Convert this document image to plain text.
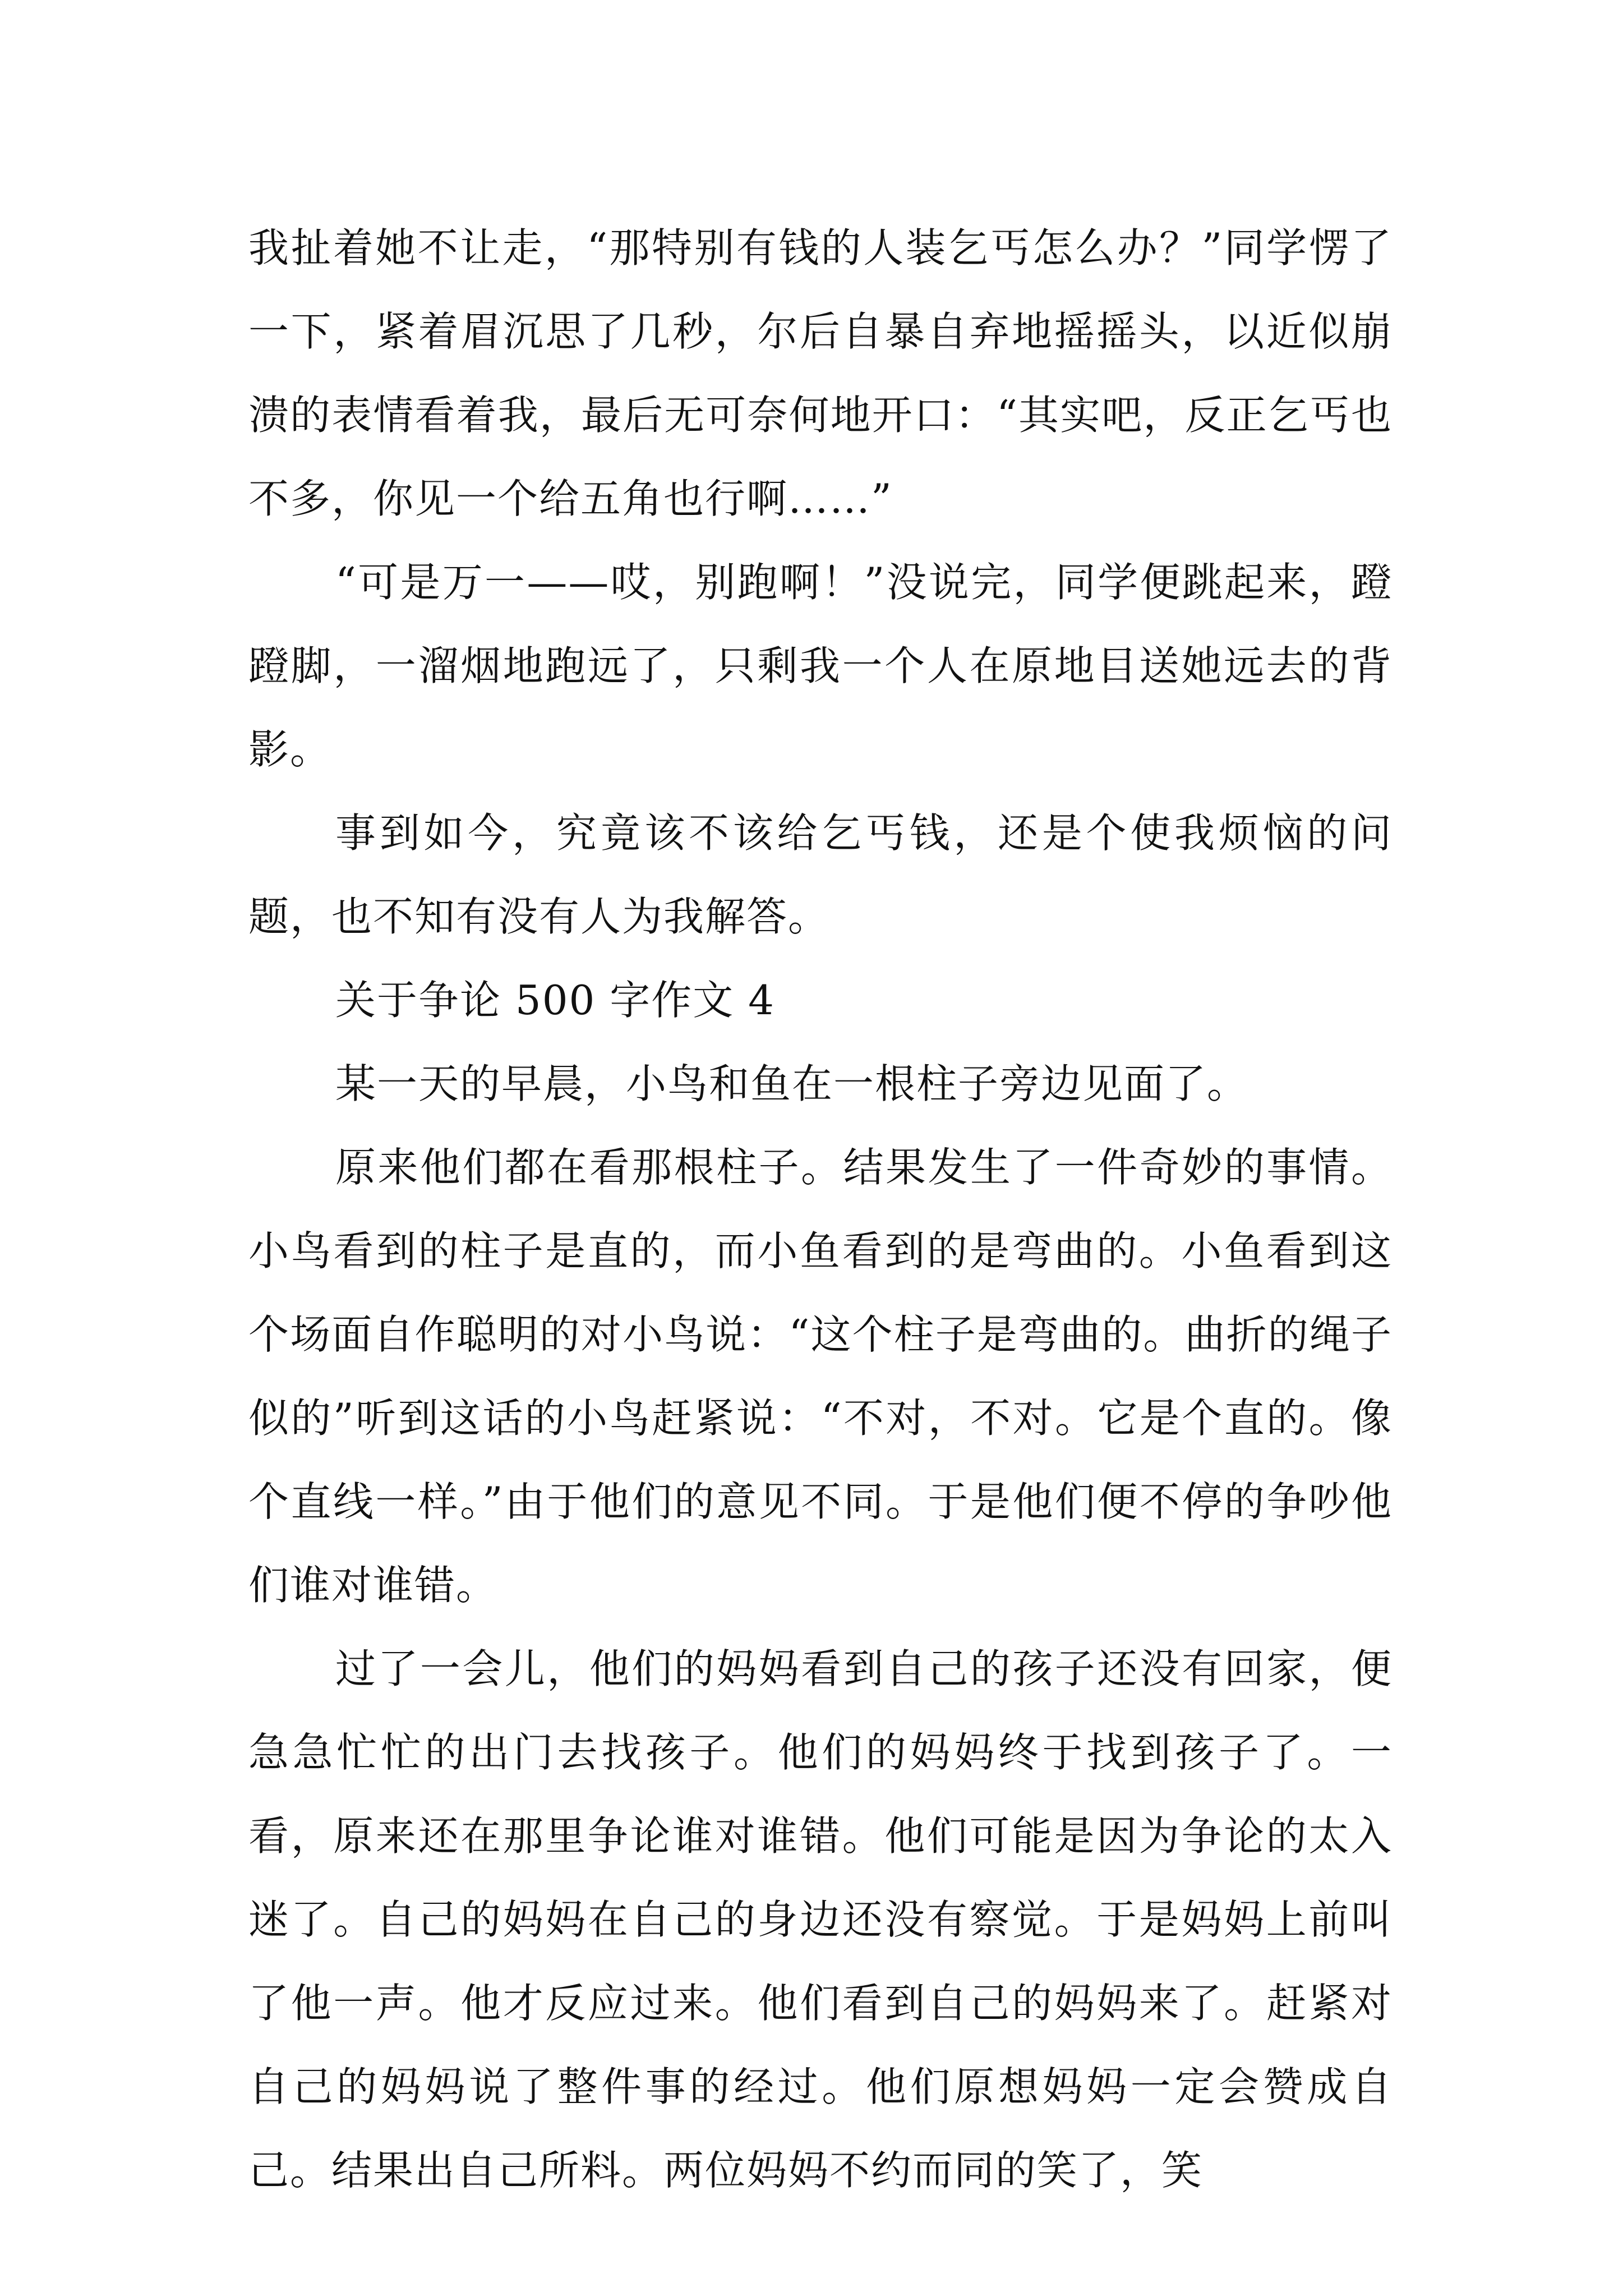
我扯着她不让走，“那特别有钱的人装乞丐怎么办？”同学愣了一下，紧着眉沉思了几秒，尔后自暴自弃地摇摇头，以近似崩溃的表情看着我，最后无可奈何地开口：“其实吧，反正乞丐也不多，你见一个给五角也行啊……”

“可是万一——哎，别跑啊！”没说完，同学便跳起来，蹬蹬脚，一溜烟地跑远了，只剩我一个人在原地目送她远去的背影。

事到如今，究竟该不该给乞丐钱，还是个使我烦恼的问题，也不知有没有人为我解答。

关于争论 500 字作文 4

某一天的早晨，小鸟和鱼在一根柱子旁边见面了。

原来他们都在看那根柱子。结果发生了一件奇妙的事情。小鸟看到的柱子是直的，而小鱼看到的是弯曲的。小鱼看到这个场面自作聪明的对小鸟说：“这个柱子是弯曲的。曲折的绳子似的”听到这话的小鸟赶紧说：“不对，不对。它是个直的。像个直线一样。”由于他们的意见不同。于是他们便不停的争吵他们谁对谁错。

过了一会儿，他们的妈妈看到自己的孩子还没有回家，便急急忙忙的出门去找孩子。他们的妈妈终于找到孩子了。一看，原来还在那里争论谁对谁错。他们可能是因为争论的太入迷了。自己的妈妈在自己的身边还没有察觉。于是妈妈上前叫了他一声。他才反应过来。他们看到自己的妈妈来了。赶紧对自己的妈妈说了整件事的经过。他们原想妈妈一定会赞成自己。结果出自己所料。两位妈妈不约而同的笑了，笑
